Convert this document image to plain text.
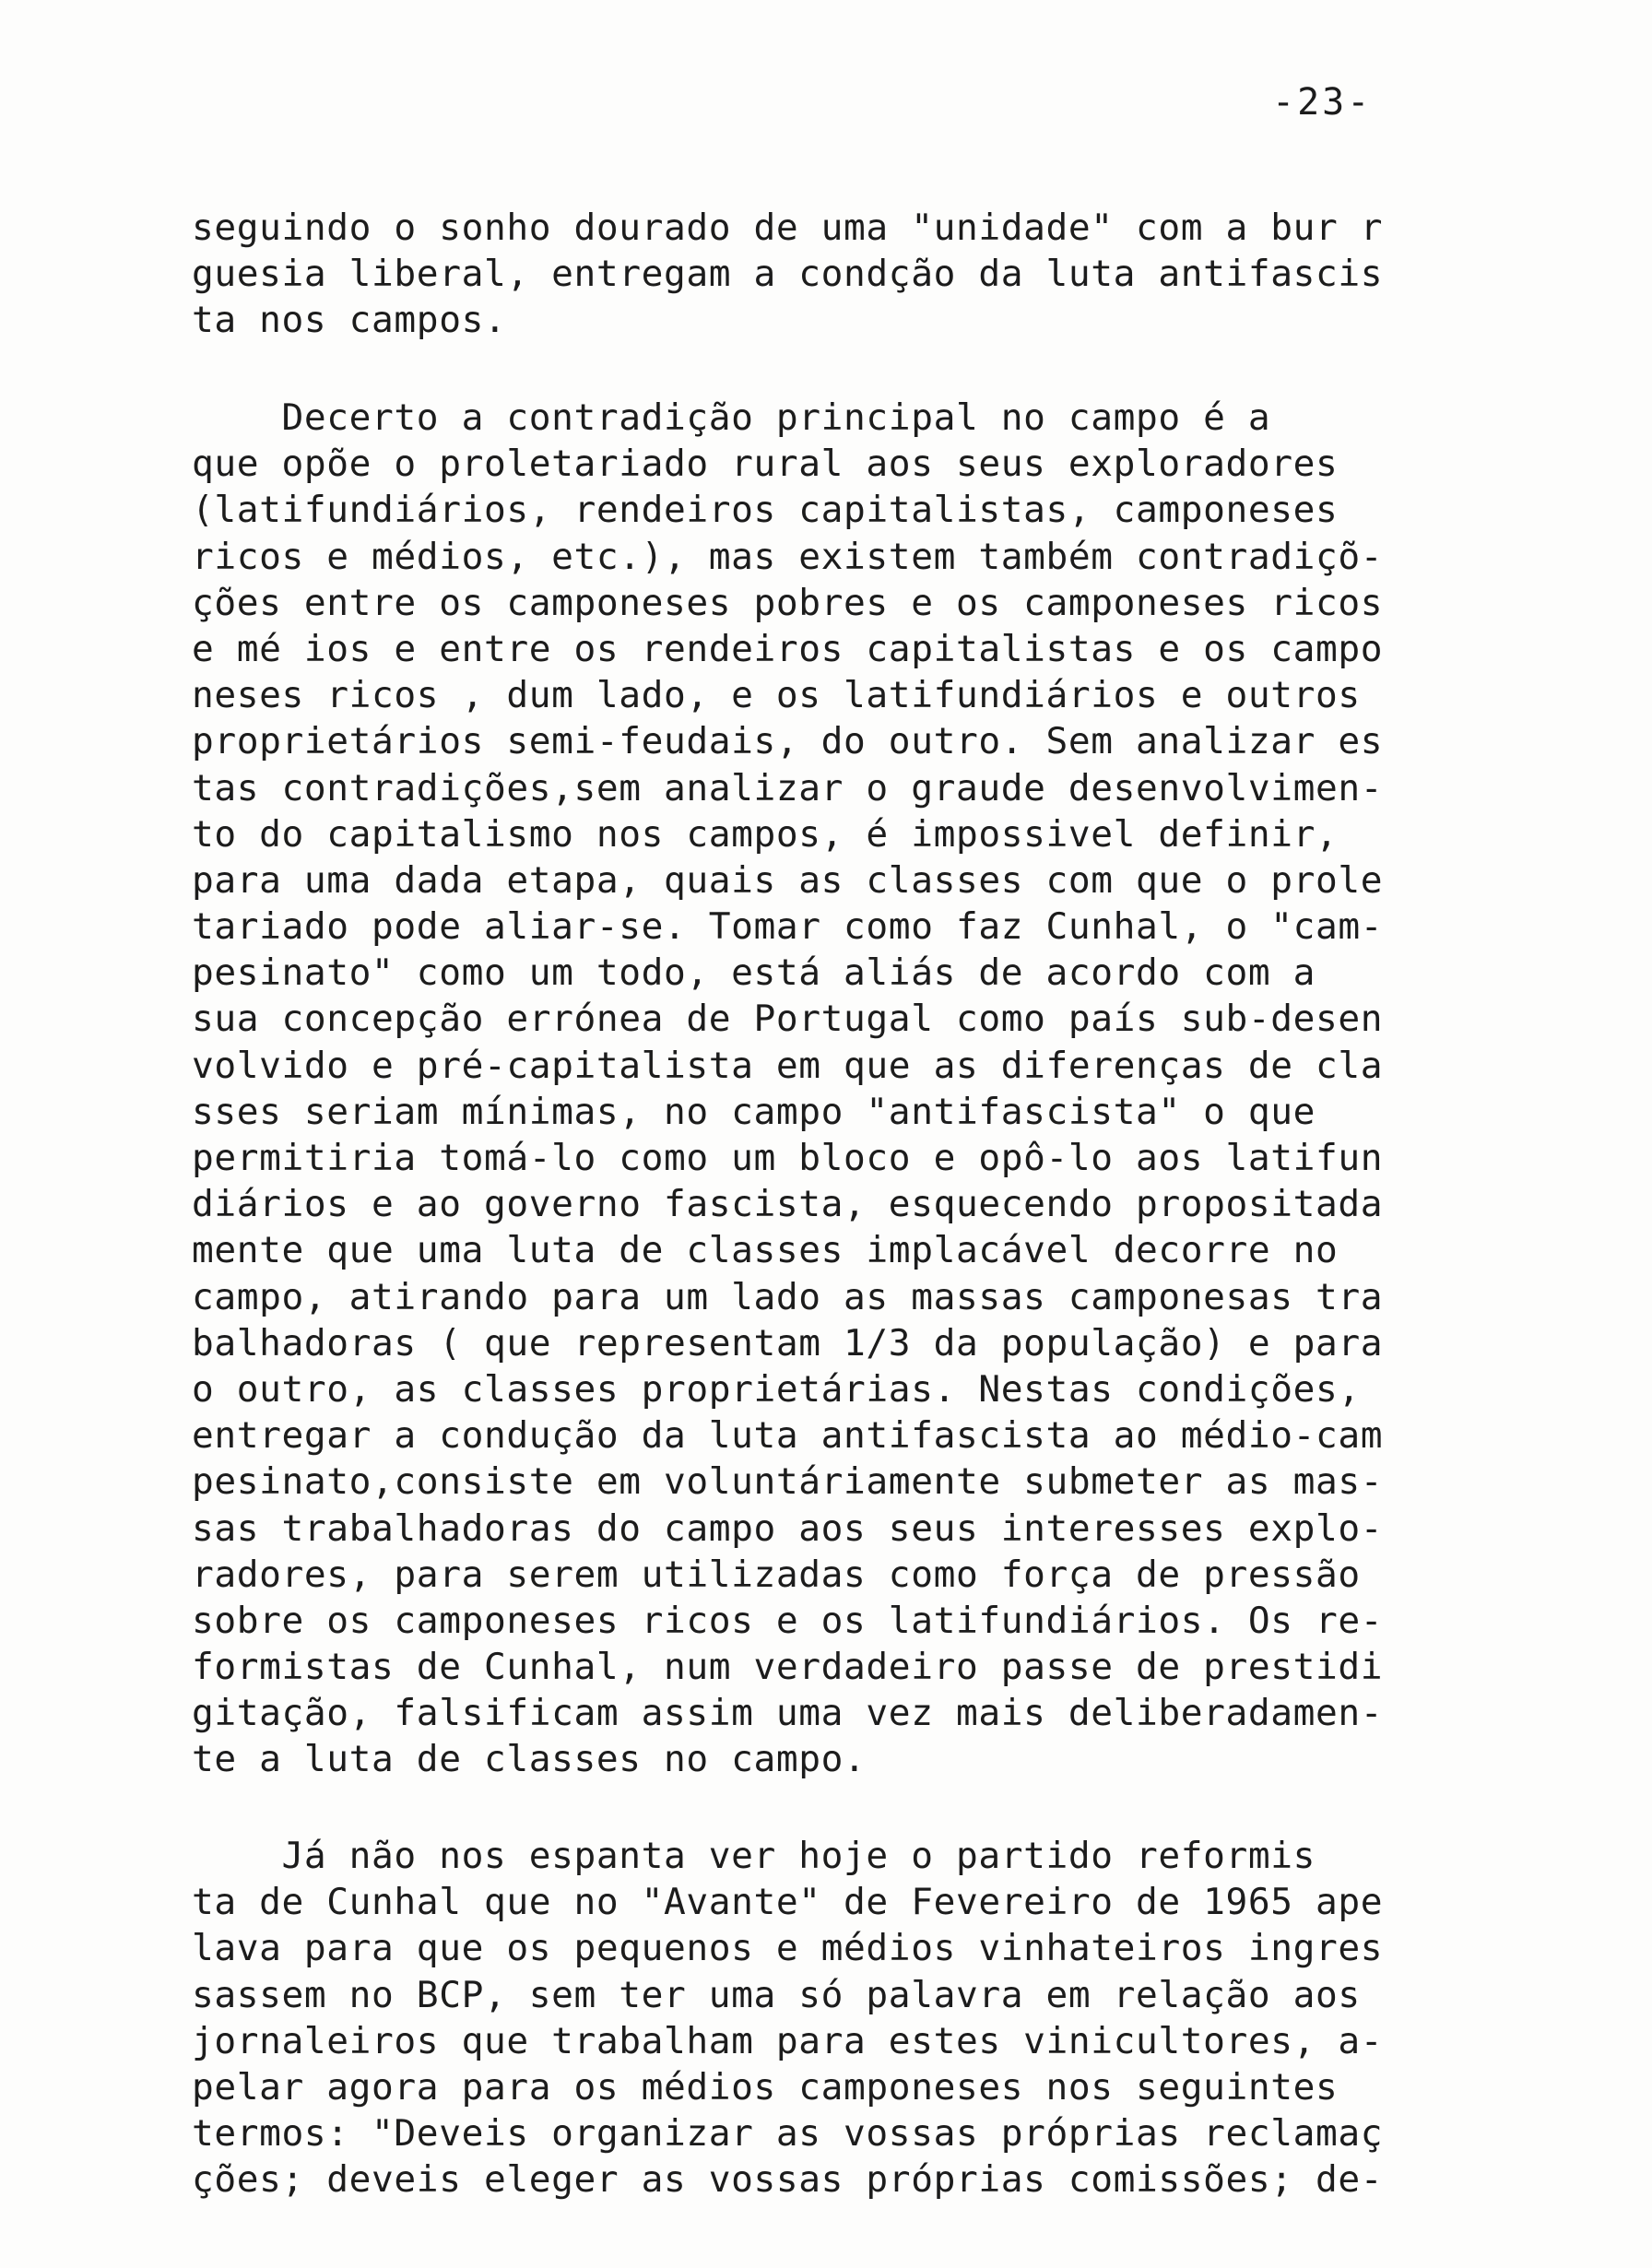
-23-
seguindo o sonho dourado de uma "unidade" com a bur r
guesia liberal, entregam a condção da luta antifascis
ta nos campos.
Decerto a contradição principal no campo é a
que opõe o proletariado rural aos seus exploradores
(latifundiários, rendeiros capitalistas, camponeses
ricos e médios, etc.), mas existem também contradiçõ-
ções entre os camponeses pobres e os camponeses ricos
e mé ios e entre os rendeiros capitalistas e os campo
neses ricos , dum lado, e os latifundiários e outros
proprietários semi-feudais, do outro. Sem analizar es
tas contradições,sem analizar o graude desenvolvimen-
to do capitalismo nos campos, é impossivel definir,
para uma dada etapa, quais as classes com que o prole
tariado pode aliar-se. Tomar como faz Cunhal, o "cam-
pesinato" como um todo, está aliás de acordo com a
sua concepção errónea de Portugal como país sub-desen
volvido e pré-capitalista em que as diferenças de cla
sses seriam mínimas, no campo "antifascista" o que
permitiria tomá-lo como um bloco e opô-lo aos latifun
diários e ao governo fascista, esquecendo propositada
mente que uma luta de classes implacável decorre no
campo, atirando para um lado as massas camponesas tra
balhadoras ( que representam 1/3 da população) e para
o outro, as classes proprietárias. Nestas condições,
entregar a condução da luta antifascista ao médio-cam
pesinato,consiste em voluntáriamente submeter as mas-
sas trabalhadoras do campo aos seus interesses explo-
radores, para serem utilizadas como força de pressão
sobre os camponeses ricos e os latifundiários. Os re-
formistas de Cunhal, num verdadeiro passe de prestidi
gitação, falsificam assim uma vez mais deliberadamen-
te a luta de classes no campo.
Já não nos espanta ver hoje o partido reformis
ta de Cunhal que no "Avante" de Fevereiro de 1965 ape
lava para que os pequenos e médios vinhateiros ingres
sassem no BCP, sem ter uma só palavra em relação aos
jornaleiros que trabalham para estes vinicultores, a-
pelar agora para os médios camponeses nos seguintes
termos: "Deveis organizar as vossas próprias reclamaç
ções; deveis eleger as vossas próprias comissões; de-
